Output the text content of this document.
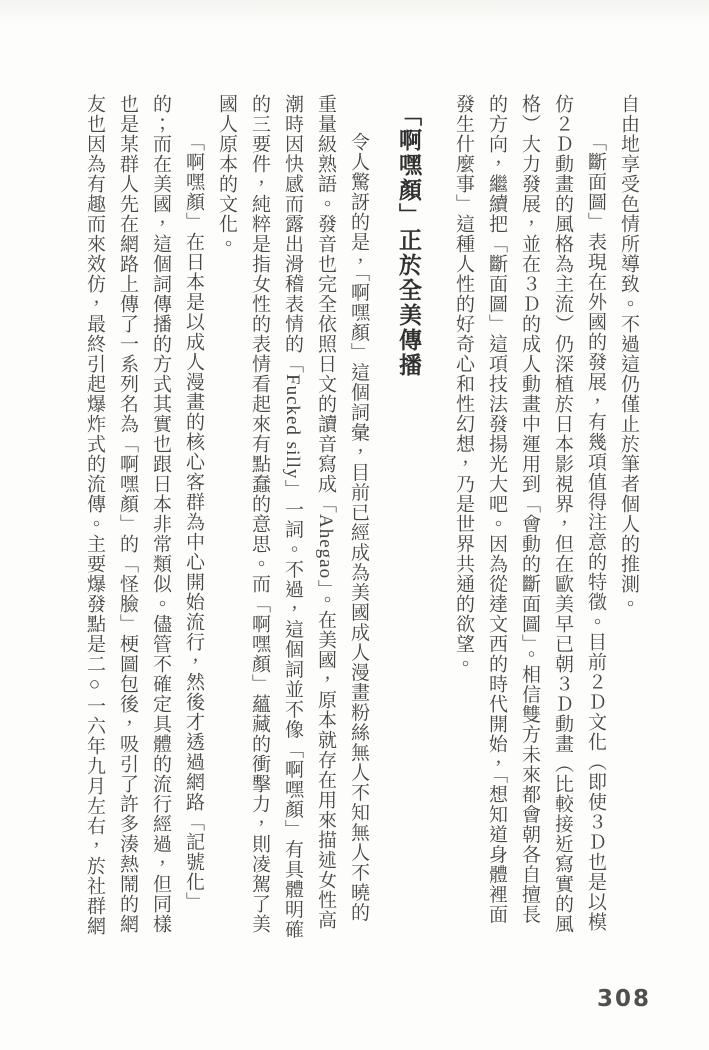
自由地享受色情所導致。不過這仍僅止於筆者個人的推測。

「斷面圖」表現在外國的發展，有幾項值得注意的特徵。目前２Ｄ文化（即使３Ｄ也是以模仿２Ｄ動畫的風格為主流）仍深植於日本影視界，但在歐美早已朝３Ｄ動畫（比較接近寫實的風格）大力發展，並在３Ｄ的成人動畫中運用到「會動的斷面圖」。相信雙方未來都會朝各自擅長的方向，繼續把「斷面圖」這項技法發揚光大吧。因為從達文西的時代開始，「想知道身體裡面發生什麼事」這種人性的好奇心和性幻想，乃是世界共通的欲望。

「啊嘿顏」正於全美傳播

令人驚訝的是，「啊嘿顏」這個詞彙，目前已經成為美國成人漫畫粉絲無人不知無人不曉的重量級熟語。發音也完全依照日文的讀音寫成「Ahegao」。在美國，原本就存在用來描述女性高潮時因快感而露出滑稽表情的「Fucked silly」一詞。不過，這個詞並不像「啊嘿顏」有具體明確的三要件，純粹是指女性的表情看起來有點蠢的意思。而「啊嘿顏」蘊藏的衝擊力，則凌駕了美國人原本的文化。

「啊嘿顏」在日本是以成人漫畫的核心客群為中心開始流行，然後才透過網路「記號化」的；而在美國，這個詞傳播的方式其實也跟日本非常類似。儘管不確定具體的流行經過，但同樣也是某群人先在網路上傳了一系列名為「啊嘿顏」的「怪臉」梗圖包後，吸引了許多湊熱鬧的網友也因為有趣而來效仿，最終引起爆炸式的流傳。主要爆發點是二○一六年九月左右，於社群網

308
